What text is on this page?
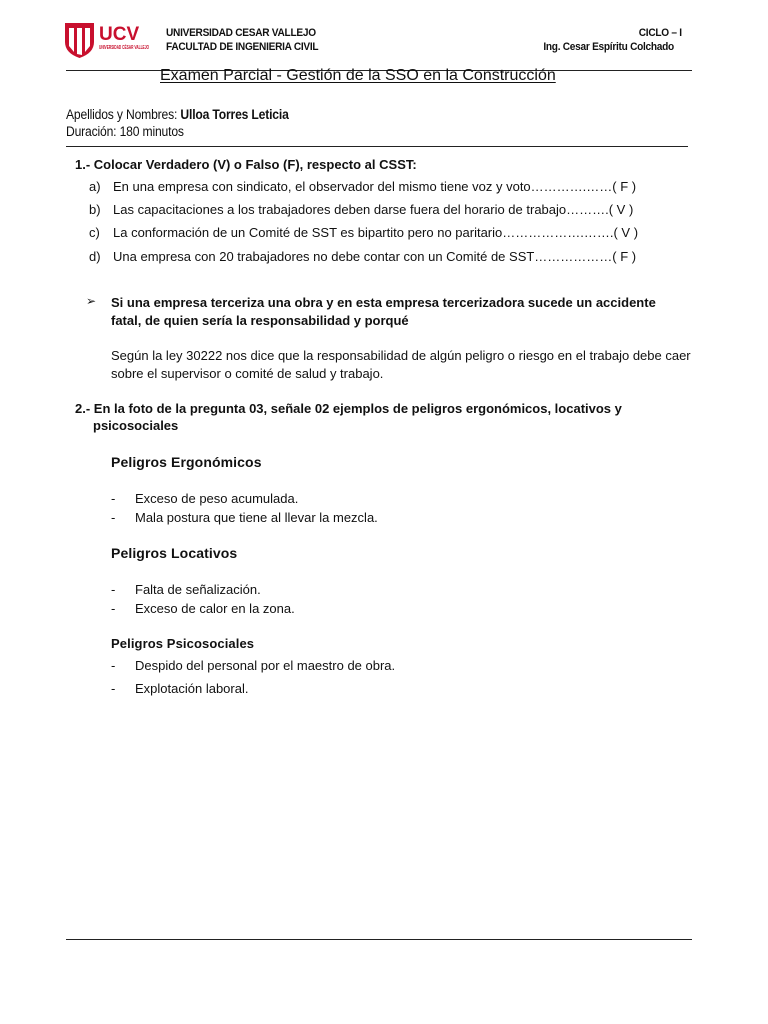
UCV
UNIVERSIDAD CÉSAR VALLEJO
UNIVERSIDAD CESAR VALLEJO
FACULTAD DE INGENIERIA CIVIL
CICLO – I
Ing. Cesar Espíritu Colchado
Examen Parcial - Gestión de la SSO en la Construcción
Apellidos y Nombres: Ulloa Torres Leticia
Duración: 180 minutos
1.- Colocar Verdadero (V) o Falso (F), respecto al CSST:
a) En una empresa con sindicato, el observador del mismo tiene voz y voto………….……( F )
b) Las capacitaciones a los trabajadores deben darse fuera del horario de trabajo……….( V )
c) La conformación de un Comité de SST es bipartito pero no paritario……………….…….( V )
d) Una empresa con 20 trabajadores no debe contar con un Comité de SST………………( F )
➢ Si una empresa terceriza una obra y en esta empresa tercerizadora sucede un accidente fatal, de quien sería la responsabilidad y porqué
Según la ley 30222 nos dice que la responsabilidad de algún peligro o riesgo en el trabajo debe caer sobre el supervisor o comité de salud y trabajo.
2.- En la foto de la pregunta 03, señale 02 ejemplos de peligros ergonómicos, locativos y
psicosociales
Peligros Ergonómicos
- Exceso de peso acumulada.
- Mala postura que tiene al llevar la mezcla.
Peligros Locativos
- Falta de señalización.
- Exceso de calor en la zona.
Peligros Psicosociales
- Despido del personal por el maestro de obra.
- Explotación laboral.
